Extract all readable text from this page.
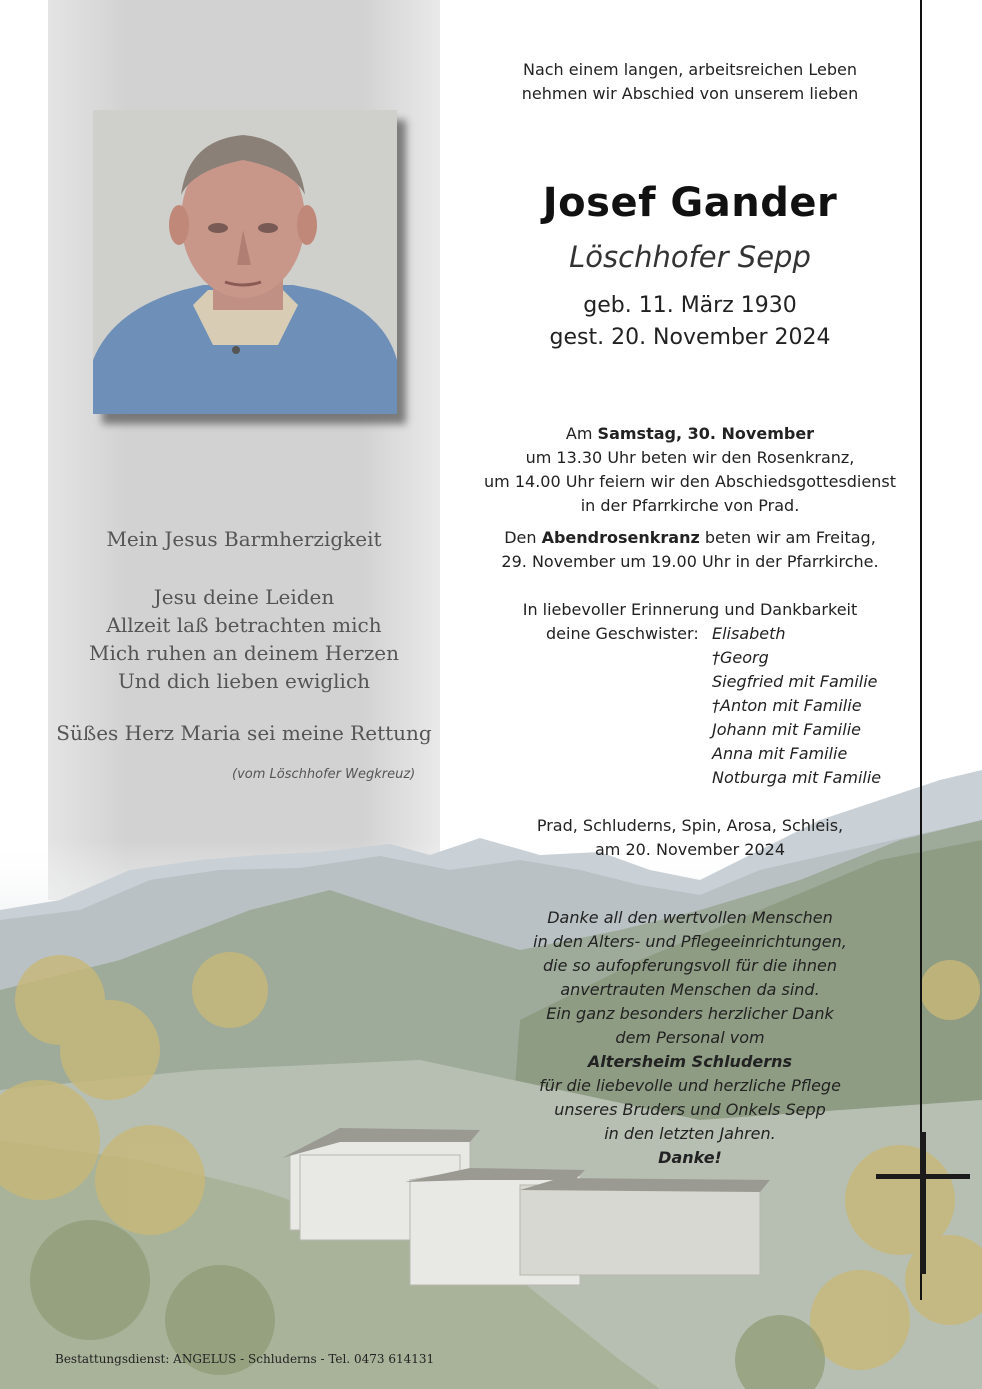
Nach einem langen, arbeitsreichen Leben
nehmen wir Abschied von unserem lieben
Josef Gander
Löschhofer Sepp
geb. 11. März 1930
gest. 20. November 2024
Am Samstag, 30. November
um 13.30 Uhr beten wir den Rosenkranz,
um 14.00 Uhr feiern wir den Abschiedsgottesdienst
in der Pfarrkirche von Prad.
Den Abendrosenkranz beten wir am Freitag,
29. November um 19.00 Uhr in der Pfarrkirche.
In liebevoller Erinnerung und Dankbarkeit
deine Geschwister: Elisabeth
†Georg
Siegfried mit Familie
†Anton mit Familie
Johann mit Familie
Anna mit Familie
Notburga mit Familie
Prad, Schluderns, Spin, Arosa, Schleis,
am 20. November 2024
Danke all den wertvollen Menschen
in den Alters- und Pflegeeinrichtungen,
die so aufopferungsvoll für die ihnen
anvertrauten Menschen da sind.
Ein ganz besonders herzlicher Dank
dem Personal vom
Altersheim Schluderns
für die liebevolle und herzliche Pflege
unseres Bruders und Onkels Sepp
in den letzten Jahren.
Danke!
Mein Jesus Barmherzigkeit
Jesu deine Leiden
Allzeit laß betrachten mich
Mich ruhen an deinem Herzen
Und dich lieben ewiglich
Süßes Herz Maria sei meine Rettung
(vom Löschhofer Wegkreuz)
Bestattungsdienst: ANGELUS - Schluderns - Tel. 0473 614131
